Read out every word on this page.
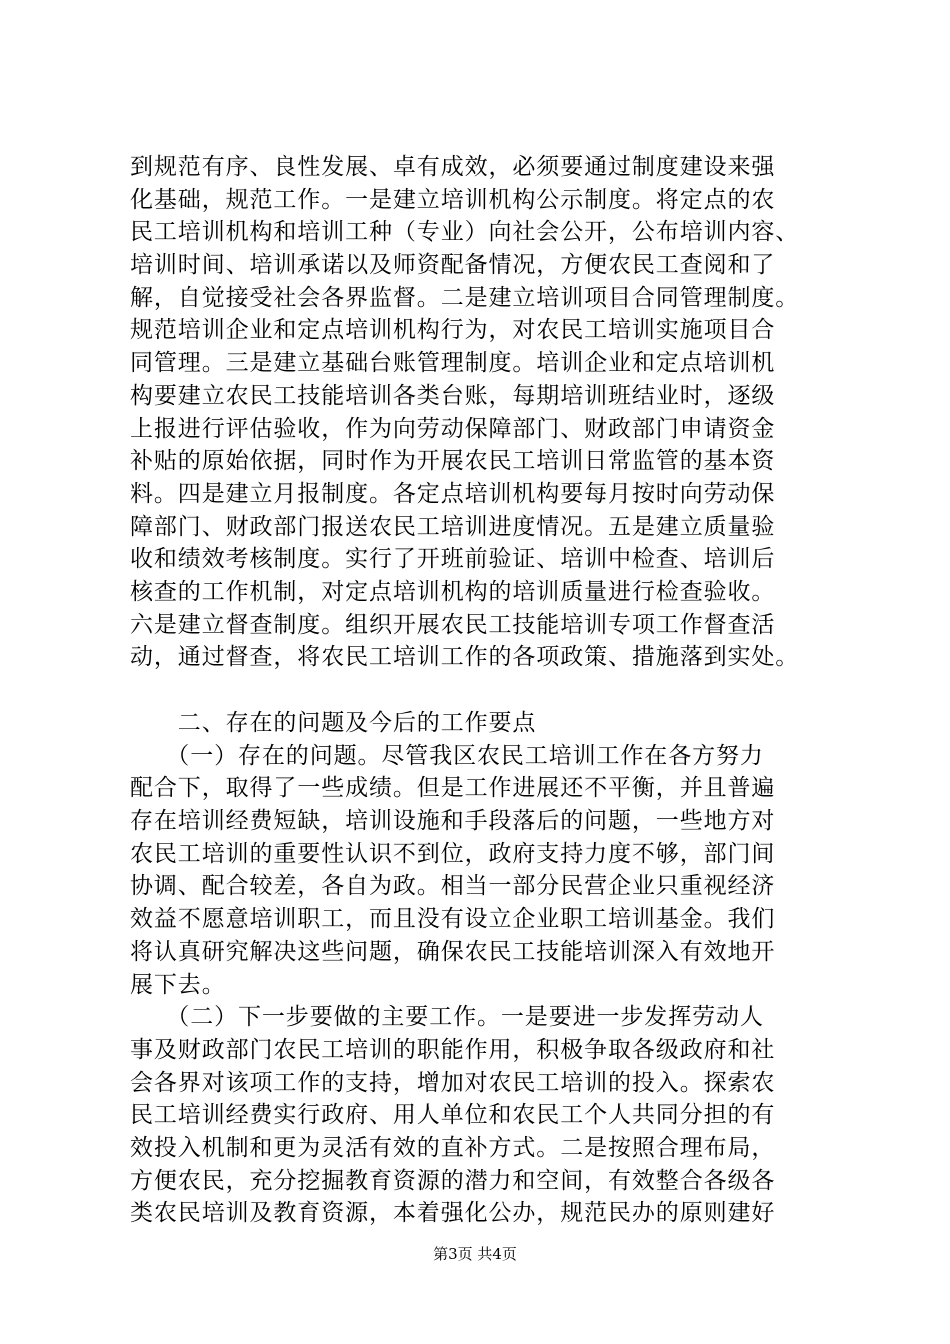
到规范有序、良性发展、卓有成效，必须要通过制度建设来强
化基础，规范工作。一是建立培训机构公示制度。将定点的农
民工培训机构和培训工种（专业）向社会公开，公布培训内容、
培训时间、培训承诺以及师资配备情况，方便农民工查阅和了
解，自觉接受社会各界监督。二是建立培训项目合同管理制度。
规范培训企业和定点培训机构行为，对农民工培训实施项目合
同管理。三是建立基础台账管理制度。培训企业和定点培训机
构要建立农民工技能培训各类台账，每期培训班结业时，逐级
上报进行评估验收，作为向劳动保障部门、财政部门申请资金
补贴的原始依据，同时作为开展农民工培训日常监管的基本资
料。四是建立月报制度。各定点培训机构要每月按时向劳动保
障部门、财政部门报送农民工培训进度情况。五是建立质量验
收和绩效考核制度。实行了开班前验证、培训中检查、培训后
核查的工作机制，对定点培训机构的培训质量进行检查验收。
六是建立督查制度。组织开展农民工技能培训专项工作督查活
动，通过督查，将农民工培训工作的各项政策、措施落到实处。
　　二、存在的问题及今后的工作要点
　　（一）存在的问题。尽管我区农民工培训工作在各方努力
配合下，取得了一些成绩。但是工作进展还不平衡，并且普遍
存在培训经费短缺，培训设施和手段落后的问题，一些地方对
农民工培训的重要性认识不到位，政府支持力度不够，部门间
协调、配合较差，各自为政。相当一部分民营企业只重视经济
效益不愿意培训职工，而且没有设立企业职工培训基金。我们
将认真研究解决这些问题，确保农民工技能培训深入有效地开
展下去。
　　（二）下一步要做的主要工作。一是要进一步发挥劳动人
事及财政部门农民工培训的职能作用，积极争取各级政府和社
会各界对该项工作的支持，增加对农民工培训的投入。探索农
民工培训经费实行政府、用人单位和农民工个人共同分担的有
效投入机制和更为灵活有效的直补方式。二是按照合理布局，
方便农民，充分挖掘教育资源的潜力和空间，有效整合各级各
类农民培训及教育资源，本着强化公办，规范民办的原则建好
第3页 共4页
